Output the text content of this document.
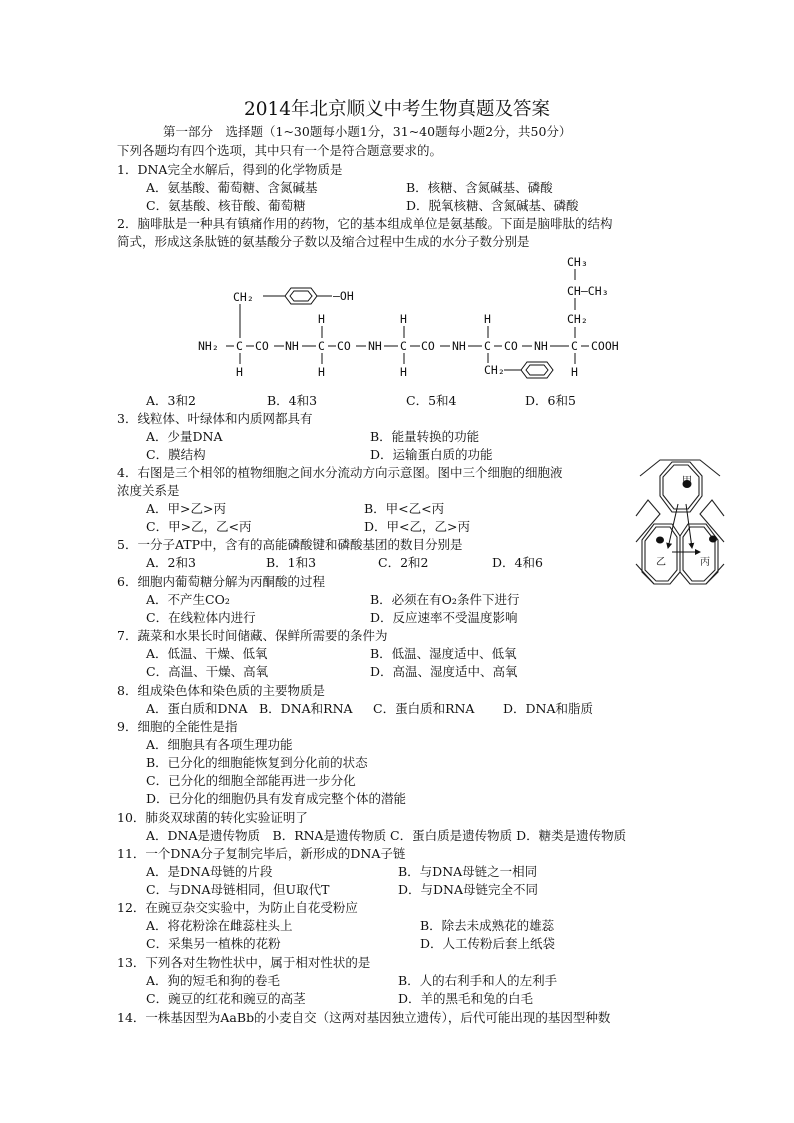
2014年北京顺义中考生物真题及答案
第一部分　选择题（1~30题每小题1分，31~40题每小题2分，共50分）
下列各题均有四个选项，其中只有一个是符合题意要求的。
1．DNA完全水解后，得到的化学物质是
A．氨基酸、葡萄糖、含氮碱基	B．核糖、含氮碱基、磷酸
C．氨基酸、核苷酸、葡萄糖	D．脱氧核糖、含氮碱基、磷酸
2．脑啡肽是一种具有镇痛作用的药物，它的基本组成单位是氨基酸。下面是脑啡肽的结构
简式，形成这条肽链的氨基酸分子数以及缩合过程中生成的水分子数分别是
CH₃
CH—CH₃
CH₂	—OH
CH₂
H	H	H
NH₂ C CO NH C CO NH C CO NH C CO NH C COOH
H	H	H	CH₂	H
A．3和2	B．4和3	C．5和4	D．6和5
3．线粒体、叶绿体和内质网都具有
A．少量DNA	B．能量转换的功能
C．膜结构	D．运输蛋白质的功能
4．右图是三个相邻的植物细胞之间水分流动方向示意图。图中三个细胞的细胞液
浓度关系是
A．甲>乙>丙	B．甲<乙<丙
C．甲>乙，乙<丙	D．甲<乙，乙>丙
甲
乙	丙
5．一分子ATP中，含有的高能磷酸键和磷酸基团的数目分别是
A．2和3	B．1和3	C．2和2	D．4和6
6．细胞内葡萄糖分解为丙酮酸的过程
A．不产生CO₂	B．必须在有O₂条件下进行
C．在线粒体内进行	D．反应速率不受温度影响
7．蔬菜和水果长时间储藏、保鲜所需要的条件为
A．低温、干燥、低氧	B．低温、湿度适中、低氧
C．高温、干燥、高氧	D．高温、湿度适中、高氧
8．组成染色体和染色质的主要物质是
A．蛋白质和DNA B．DNA和RNA C．蛋白质和RNA D．DNA和脂质
9．细胞的全能性是指
A．细胞具有各项生理功能
B．已分化的细胞能恢复到分化前的状态
C．已分化的细胞全部能再进一步分化
D．已分化的细胞仍具有发育成完整个体的潜能
10．肺炎双球菌的转化实验证明了
A．DNA是遗传物质　B．RNA是遗传物质 C．蛋白质是遗传物质 D．糖类是遗传物质
11．一个DNA分子复制完毕后，新形成的DNA子链
A．是DNA母链的片段	B．与DNA母链之一相同
C．与DNA母链相同，但U取代T	D．与DNA母链完全不同
12．在豌豆杂交实验中，为防止自花受粉应
A．将花粉涂在雌蕊柱头上	B．除去未成熟花的雄蕊
C．采集另一植株的花粉	D．人工传粉后套上纸袋
13．下列各对生物性状中，属于相对性状的是
A．狗的短毛和狗的卷毛	B．人的右利手和人的左利手
C．豌豆的红花和豌豆的高茎	D．羊的黑毛和兔的白毛
14．一株基因型为AaBb的小麦自交（这两对基因独立遗传），后代可能出现的基因型种数
